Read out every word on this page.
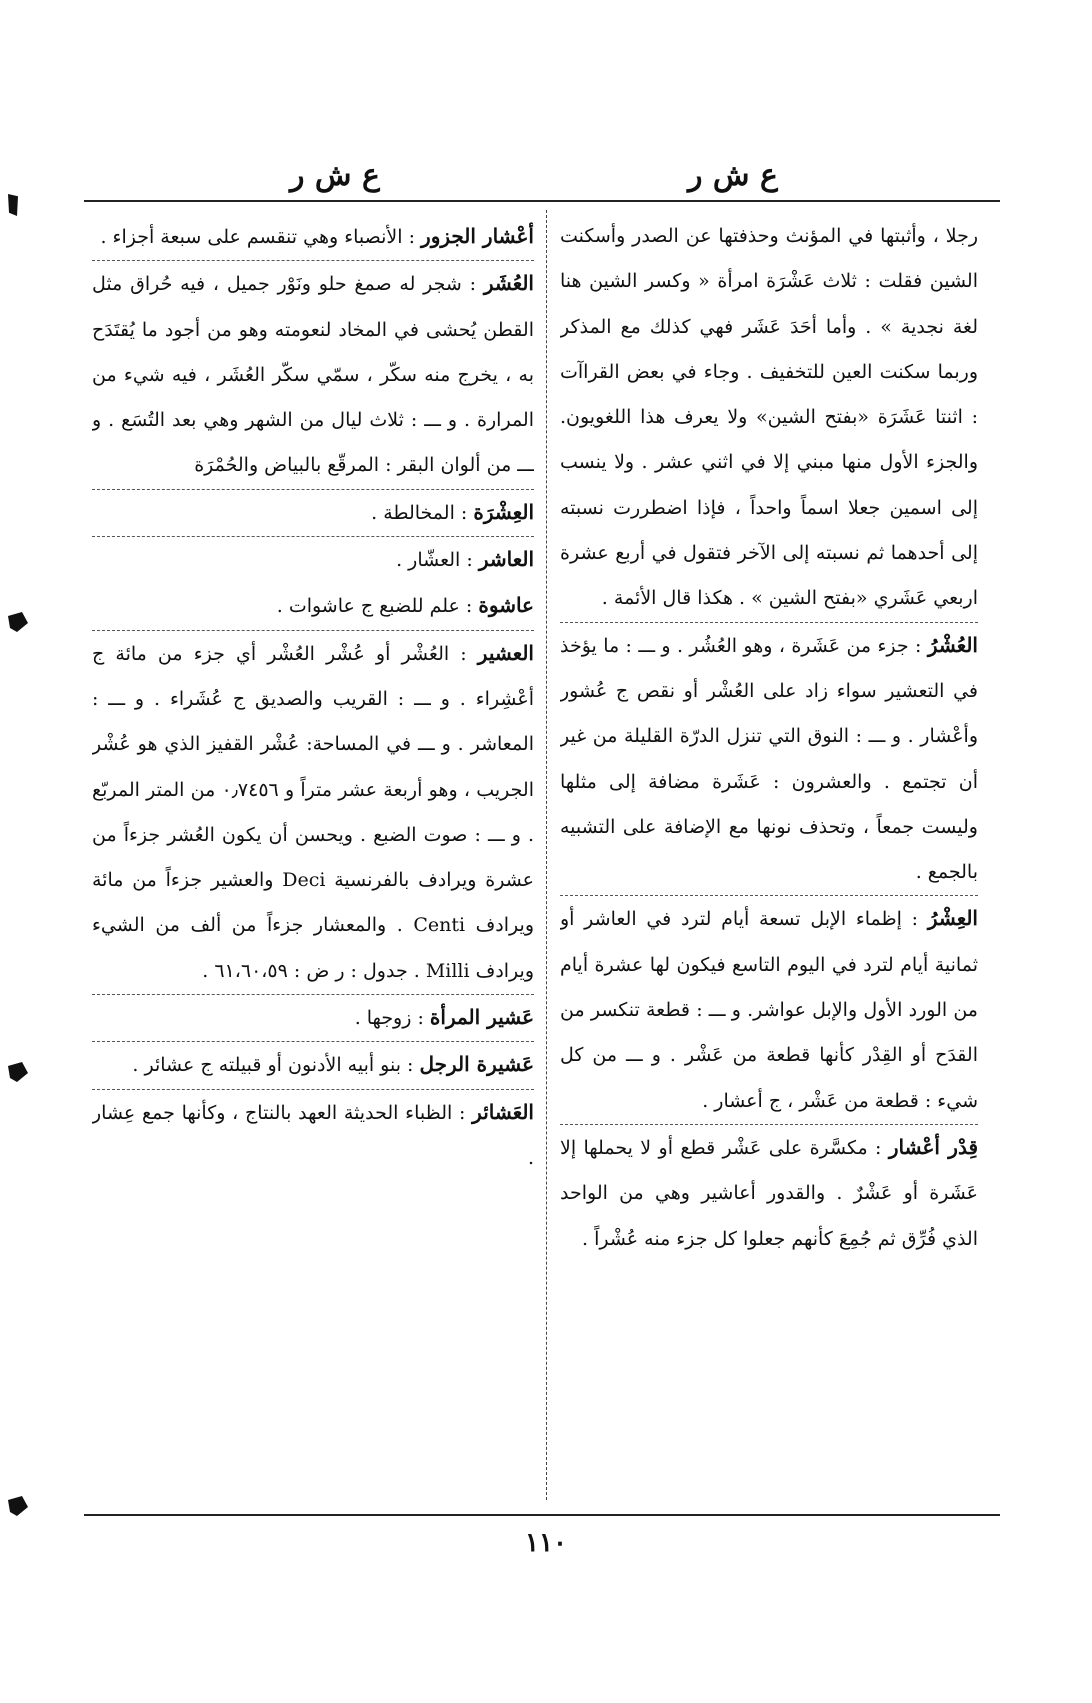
ع ش ر
ع ش ر

رجلا ، وأثبتها في المؤنث وحذفتها عن الصدر وأسكنت الشين فقلت : ثلاث عَشْرَة امرأة « وكسر الشين هنا لغة نجدية » . وأما أحَدَ عَشَر فهي كذلك مع المذكر وربما سكنت العين للتخفيف . وجاء في بعض القراآت : اثنتا عَشَرَة «بفتح الشين» ولا يعرف هذا اللغويون. والجزء الأول منها مبني إلا في اثني عشر . ولا ينسب إلى اسمين جعلا اسماً واحداً ، فإذا اضطررت نسبته إلى أحدهما ثم نسبته إلى الآخر فتقول في أربع عشرة اربعي عَشَري «بفتح الشين » . هكذا قال الأئمة .

العُشْرُ : جزء من عَشَرة ، وهو العُشُر . و ـــ : ما يؤخذ في التعشير سواء زاد على العُشْر أو نقص ج عُشور وأعْشار . و ـــ : النوق التي تنزل الدرّة القليلة من غير أن تجتمع . والعشرون : عَشَرة مضافة إلى مثلها وليست جمعاً ، وتحذف نونها مع الإضافة على التشبيه بالجمع .

العِشْرُ : إظماء الإبل تسعة أيام لترد في العاشر أو ثمانية أيام لترد في اليوم التاسع فيكون لها عشرة أيام من الورد الأول والإبل عواشر. و ـــ : قطعة تنكسر من القدَح أو القِدْر كأنها قطعة من عَشْر . و ـــ من كل شيء : قطعة من عَشْر ، ج أعشار .

قِدْر أعْشار : مكسَّرة على عَشْر قطع أو لا يحملها إلا عَشَرة أو عَشْرٌ . والقدور أعاشير وهي من الواحد الذي فُرِّق ثم جُمِعَ كأنهم جعلوا كل جزء منه عُشْراً .

أعْشار الجزور : الأنصباء وهي تنقسم على سبعة أجزاء .

العُشَر : شجر له صمغ حلو ونَوْر جميل ، فيه حُراق مثل القطن يُحشى في المخاد لنعومته وهو من أجود ما يُقتَدَح به ، يخرج منه سكّر ، سمّي سكّر العُشَر ، فيه شيء من المرارة . و ـــ : ثلاث ليال من الشهر وهي بعد التُسَع . و ـــ من ألوان البقر : المرقّع بالبياض والحُمْرَة

العِشْرَة : المخالطة .

العاشر : العشّار .

عاشوة : علم للضبع ج عاشوات .

العشير : العُشْر أو عُشْر العُشْر أي جزء من مائة ج أعْشِراء . و ـــ : القريب والصديق ج عُشَراء . و ـــ : المعاشر . و ـــ في المساحة: عُشْر القفيز الذي هو عُشْر الجريب ، وهو أربعة عشر متراً و ٠٫٧٤٥٦ من المتر المربّع . و ـــ : صوت الضبع . ويحسن أن يكون العُشر جزءاً من عشرة ويرادف بالفرنسية Deci والعشير جزءاً من مائة ويرادف Centi . والمعشار جزءاً من ألف من الشيء ويرادف Milli . جدول : ر ض : ٦١،٦٠،٥٩ .

عَشير المرأة : زوجها .

عَشيرة الرجل : بنو أبيه الأدنون أو قبيلته ج عشائر .

العَشائر : الظباء الحديثة العهد بالنتاج ، وكأنها جمع عِشار .

١١٠
